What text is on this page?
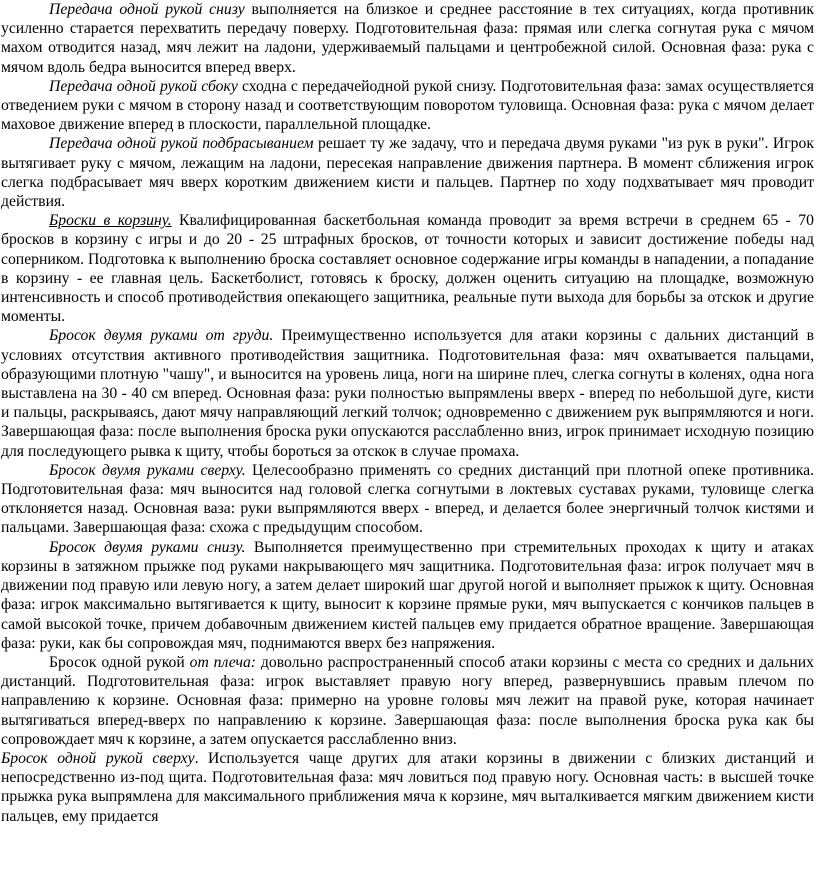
Передача одной рукой снизу выполняется на близкое и среднее расстояние в тех ситуациях, когда противник усиленно старается перехватить передачу поверху. Подготовительная фаза: прямая или слегка согнутая рука с мячом махом отводится назад, мяч лежит на ладони, удерживаемый пальцами и центробежной силой. Основная фаза: рука с мячом вдоль бедра выносится вперед вверх.

Передача одной рукой сбоку сходна с передачейодной рукой снизу. Подготовительная фаза: замах осуществляется отведением руки с мячом в сторону назад и соответствующим поворотом туловища. Основная фаза: рука с мячом делает маховое движение вперед в плоскости, параллельной площадке.

Передача одной рукой подбрасыванием решает ту же задачу, что и передача двумя руками "из рук в руки". Игрок вытягивает руку с мячом, лежащим на ладони, пересекая направление движения партнера. В момент сближения игрок слегка подбрасывает мяч вверх коротким движением кисти и пальцев. Партнер по ходу подхватывает мяч проводит действия.

Броски в корзину. Квалифицированная баскетбольная команда проводит за время встречи в среднем 65 - 70 бросков в корзину с игры и до 20 - 25 штрафных бросков, от точности которых и зависит достижение победы над соперником. Подготовка к выполнению броска составляет основное содержание игры команды в нападении, а попадание в корзину - ее главная цель. Баскетболист, готовясь к броску, должен оценить ситуацию на площадке, возможную интенсивность и способ противодействия опекающего защитника, реальные пути выхода для борьбы за отскок и другие моменты.

Бросок двумя руками от груди. Преимущественно используется для атаки корзины с дальних дистанций в условиях отсутствия активного противодействия защитника. Подготовительная фаза: мяч охватывается пальцами, образующими плотную "чашу", и выносится на уровень лица, ноги на ширине плеч, слегка согнуты в коленях, одна нога выставлена на 30 - 40 см вперед. Основная фаза: руки полностью выпрямлены вверх - вперед по небольшой дуге, кисти и пальцы, раскрываясь, дают мячу направляющий легкий толчок; одновременно с движением рук выпрямляются и ноги. Завершающая фаза: после выполнения броска руки опускаются расслабленно вниз, игрок принимает исходную позицию для последующего рывка к щиту, чтобы бороться за отскок в случае промаха.

Бросок двумя руками сверху. Целесообразно применять со средних дистанций при плотной опеке противника. Подготовительная фаза: мяч выносится над головой слегка согнутыми в локтевых суставах руками, туловище слегка отклоняется назад. Основная ваза: руки выпрямляются вверх - вперед, и делается более энергичный толчок кистями и пальцами. Завершающая фаза: схожа с предыдущим способом.

Бросок двумя руками снизу. Выполняется преимущественно при стремительных проходах к щиту и атаках корзины в затяжном прыжке под руками накрывающего мяч защитника. Подготовительная фаза: игрок получает мяч в движении под правую или левую ногу, а затем делает широкий шаг другой ногой и выполняет прыжок к щиту. Основная фаза: игрок максимально вытягивается к щиту, выносит к корзине прямые руки, мяч выпускается с кончиков пальцев в самой высокой точке, причем добавочным движением кистей пальцев ему придается обратное вращение. Завершающая фаза: руки, как бы сопровождая мяч, поднимаются вверх без напряжения.

Бросок одной рукой от плеча: довольно распространенный способ атаки корзины с места со средних и дальних дистанций. Подготовительная фаза: игрок выставляет правую ногу вперед, развернувшись правым плечом по направлению к корзине. Основная фаза: примерно на уровне головы мяч лежит на правой руке, которая начинает вытягиваться вперед-вверх по направлению к корзине. Завершающая фаза: после выполнения броска рука как бы сопровождает мяч к корзине, а затем опускается расслабленно вниз.

Бросок одной рукой сверху. Используется чаще других для атаки корзины в движении с близких дистанций и непосредственно из-под щита. Подготовительная фаза: мяч ловиться под правую ногу. Основная часть: в высшей точке прыжка рука выпрямлена для максимального приближения мяча к корзине, мяч выталкивается мягким движением кисти пальцев, ему придается
